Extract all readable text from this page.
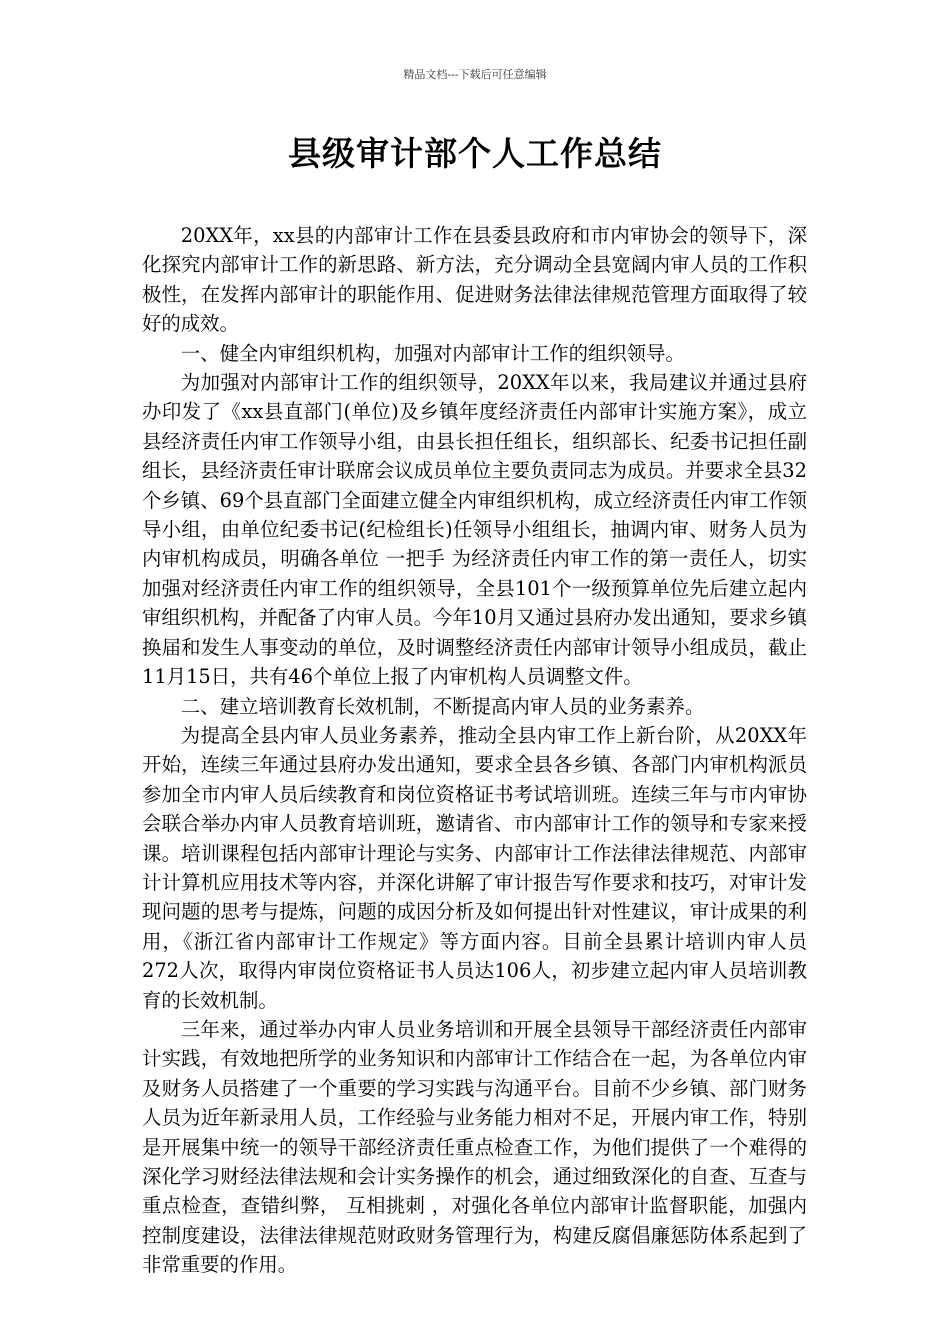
精品文档---下载后可任意编辑
县级审计部个人工作总结

20XX年，xx县的内部审计工作在县委县政府和市内审协会的领导下，深化探究内部审计工作的新思路、新方法，充分调动全县宽阔内审人员的工作积极性，在发挥内部审计的职能作用、促进财务法律法律规范管理方面取得了较好的成效。

一、健全内审组织机构，加强对内部审计工作的组织领导。

为加强对内部审计工作的组织领导，20XX年以来，我局建议并通过县府办印发了《xx县直部门(单位)及乡镇年度经济责任内部审计实施方案》，成立县经济责任内审工作领导小组，由县长担任组长，组织部长、纪委书记担任副组长，县经济责任审计联席会议成员单位主要负责同志为成员。并要求全县32个乡镇、69个县直部门全面建立健全内审组织机构，成立经济责任内审工作领导小组，由单位纪委书记(纪检组长)任领导小组组长，抽调内审、财务人员为内审机构成员，明确各单位 一把手 为经济责任内审工作的第一责任人，切实加强对经济责任内审工作的组织领导，全县101个一级预算单位先后建立起内审组织机构，并配备了内审人员。今年10月又通过县府办发出通知，要求乡镇换届和发生人事变动的单位，及时调整经济责任内部审计领导小组成员，截止11月15日，共有46个单位上报了内审机构人员调整文件。

二、建立培训教育长效机制，不断提高内审人员的业务素养。

为提高全县内审人员业务素养，推动全县内审工作上新台阶，从20XX年开始，连续三年通过县府办发出通知，要求全县各乡镇、各部门内审机构派员参加全市内审人员后续教育和岗位资格证书考试培训班。连续三年与市内审协会联合举办内审人员教育培训班，邀请省、市内部审计工作的领导和专家来授课。培训课程包括内部审计理论与实务、内部审计工作法律法律规范、内部审计计算机应用技术等内容，并深化讲解了审计报告写作要求和技巧，对审计发现问题的思考与提炼，问题的成因分析及如何提出针对性建议，审计成果的利用，《浙江省内部审计工作规定》等方面内容。目前全县累计培训内审人员272人次，取得内审岗位资格证书人员达106人，初步建立起内审人员培训教育的长效机制。

三年来，通过举办内审人员业务培训和开展全县领导干部经济责任内部审计实践，有效地把所学的业务知识和内部审计工作结合在一起，为各单位内审及财务人员搭建了一个重要的学习实践与沟通平台。目前不少乡镇、部门财务人员为近年新录用人员，工作经验与业务能力相对不足，开展内审工作，特别是开展集中统一的领导干部经济责任重点检查工作，为他们提供了一个难得的深化学习财经法律法规和会计实务操作的机会，通过细致深化的自查、互查与重点检查，查错纠弊， 互相挑刺 ，对强化各单位内部审计监督职能，加强内控制度建设，法律法律规范财政财务管理行为，构建反腐倡廉惩防体系起到了非常重要的作用。
